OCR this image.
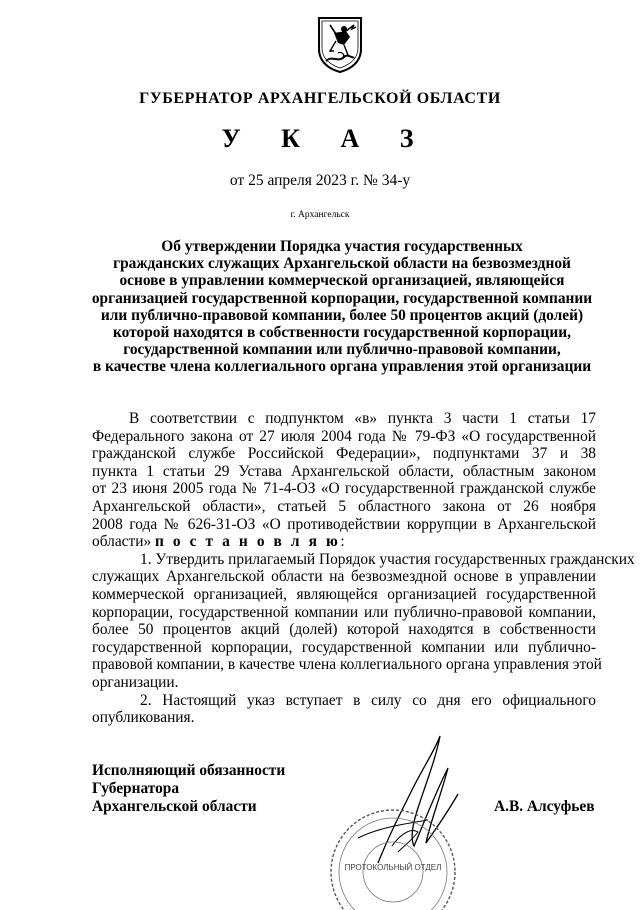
ГУБЕРНАТОР АРХАНГЕЛЬСКОЙ ОБЛАСТИ
У К А З
от 25 апреля 2023 г. № 34-у
г. Архангельск
Об утверждении Порядка участия государственных
гражданских служащих Архангельской области на безвозмездной
основе в управлении коммерческой организацией, являющейся
организацией государственной корпорации, государственной компании
или публично-правовой компании, более 50 процентов акций (долей)
которой находятся в собственности государственной корпорации,
государственной компании или публично-правовой компании,
в качестве члена коллегиального органа управления этой организации
В соответствии с подпунктом «в» пункта 3 части 1 статьи 17
Федерального закона от 27 июля 2004 года № 79-ФЗ «О государственной
гражданской службе Российской Федерации», подпунктами 37 и 38
пункта 1 статьи 29 Устава Архангельской области, областным законом
от 23 июня 2005 года № 71-4-ОЗ «О государственной гражданской службе
Архангельской области», статьей 5 областного закона от 26 ноября
2008 года № 626-31-ОЗ «О противодействии коррупции в Архангельской
области» п о с т а н о в л я ю:
1. Утвердить прилагаемый Порядок участия государственных гражданских
служащих Архангельской области на безвозмездной основе в управлении
коммерческой организацией, являющейся организацией государственной
корпорации, государственной компании или публично-правовой компании,
более 50 процентов акций (долей) которой находятся в собственности
государственной корпорации, государственной компании или публично-
правовой компании, в качестве члена коллегиального органа управления этой
организации.
2. Настоящий указ вступает в силу со дня его официального
опубликования.
ПРОТОКОЛЬНЫЙ ОТДЕЛ
Исполняющий обязанности
Губернатора
Архангельской области	А.В. Алсуфьев
